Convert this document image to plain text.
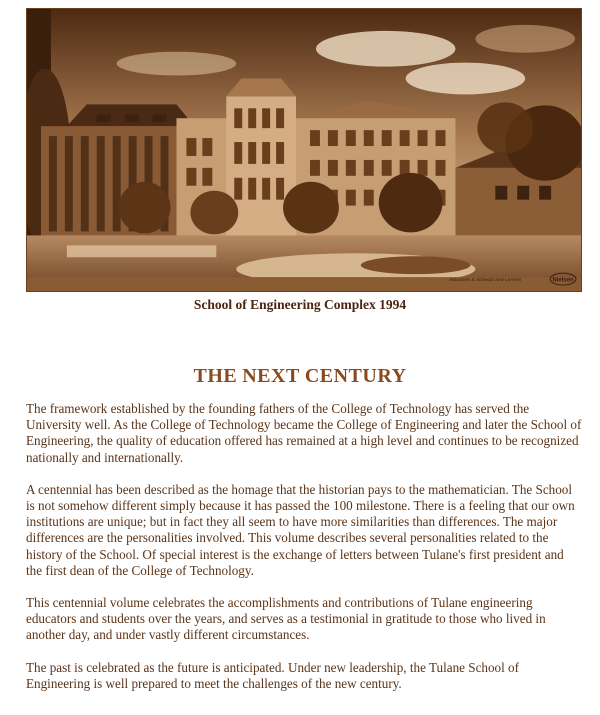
Nielsen
Marianne & Schwab and Lennes
School of Engineering Complex 1994
THE NEXT CENTURY

The framework established by the founding fathers of the College of Technology has served the University well. As the College of Technology became the College of Engineering and later the School of Engineering, the quality of education offered has remained at a high level and continues to be recognized nationally and internationally.

A centennial has been described as the homage that the historian pays to the mathematician. The School is not somehow different simply because it has passed the 100 milestone. There is a feeling that our own institutions are unique; but in fact they all seem to have more similarities than differences. The major differences are the personalities involved. This volume describes several personalities related to the history of the School. Of special interest is the exchange of letters between Tulane's first president and the first dean of the College of Technology.

This centennial volume celebrates the accomplishments and contributions of Tulane engineering educators and students over the years, and serves as a testimonial in gratitude to those who lived in another day, and under vastly different circumstances.

The past is celebrated as the future is anticipated. Under new leadership, the Tulane School of Engineering is well prepared to meet the challenges of the new century.
